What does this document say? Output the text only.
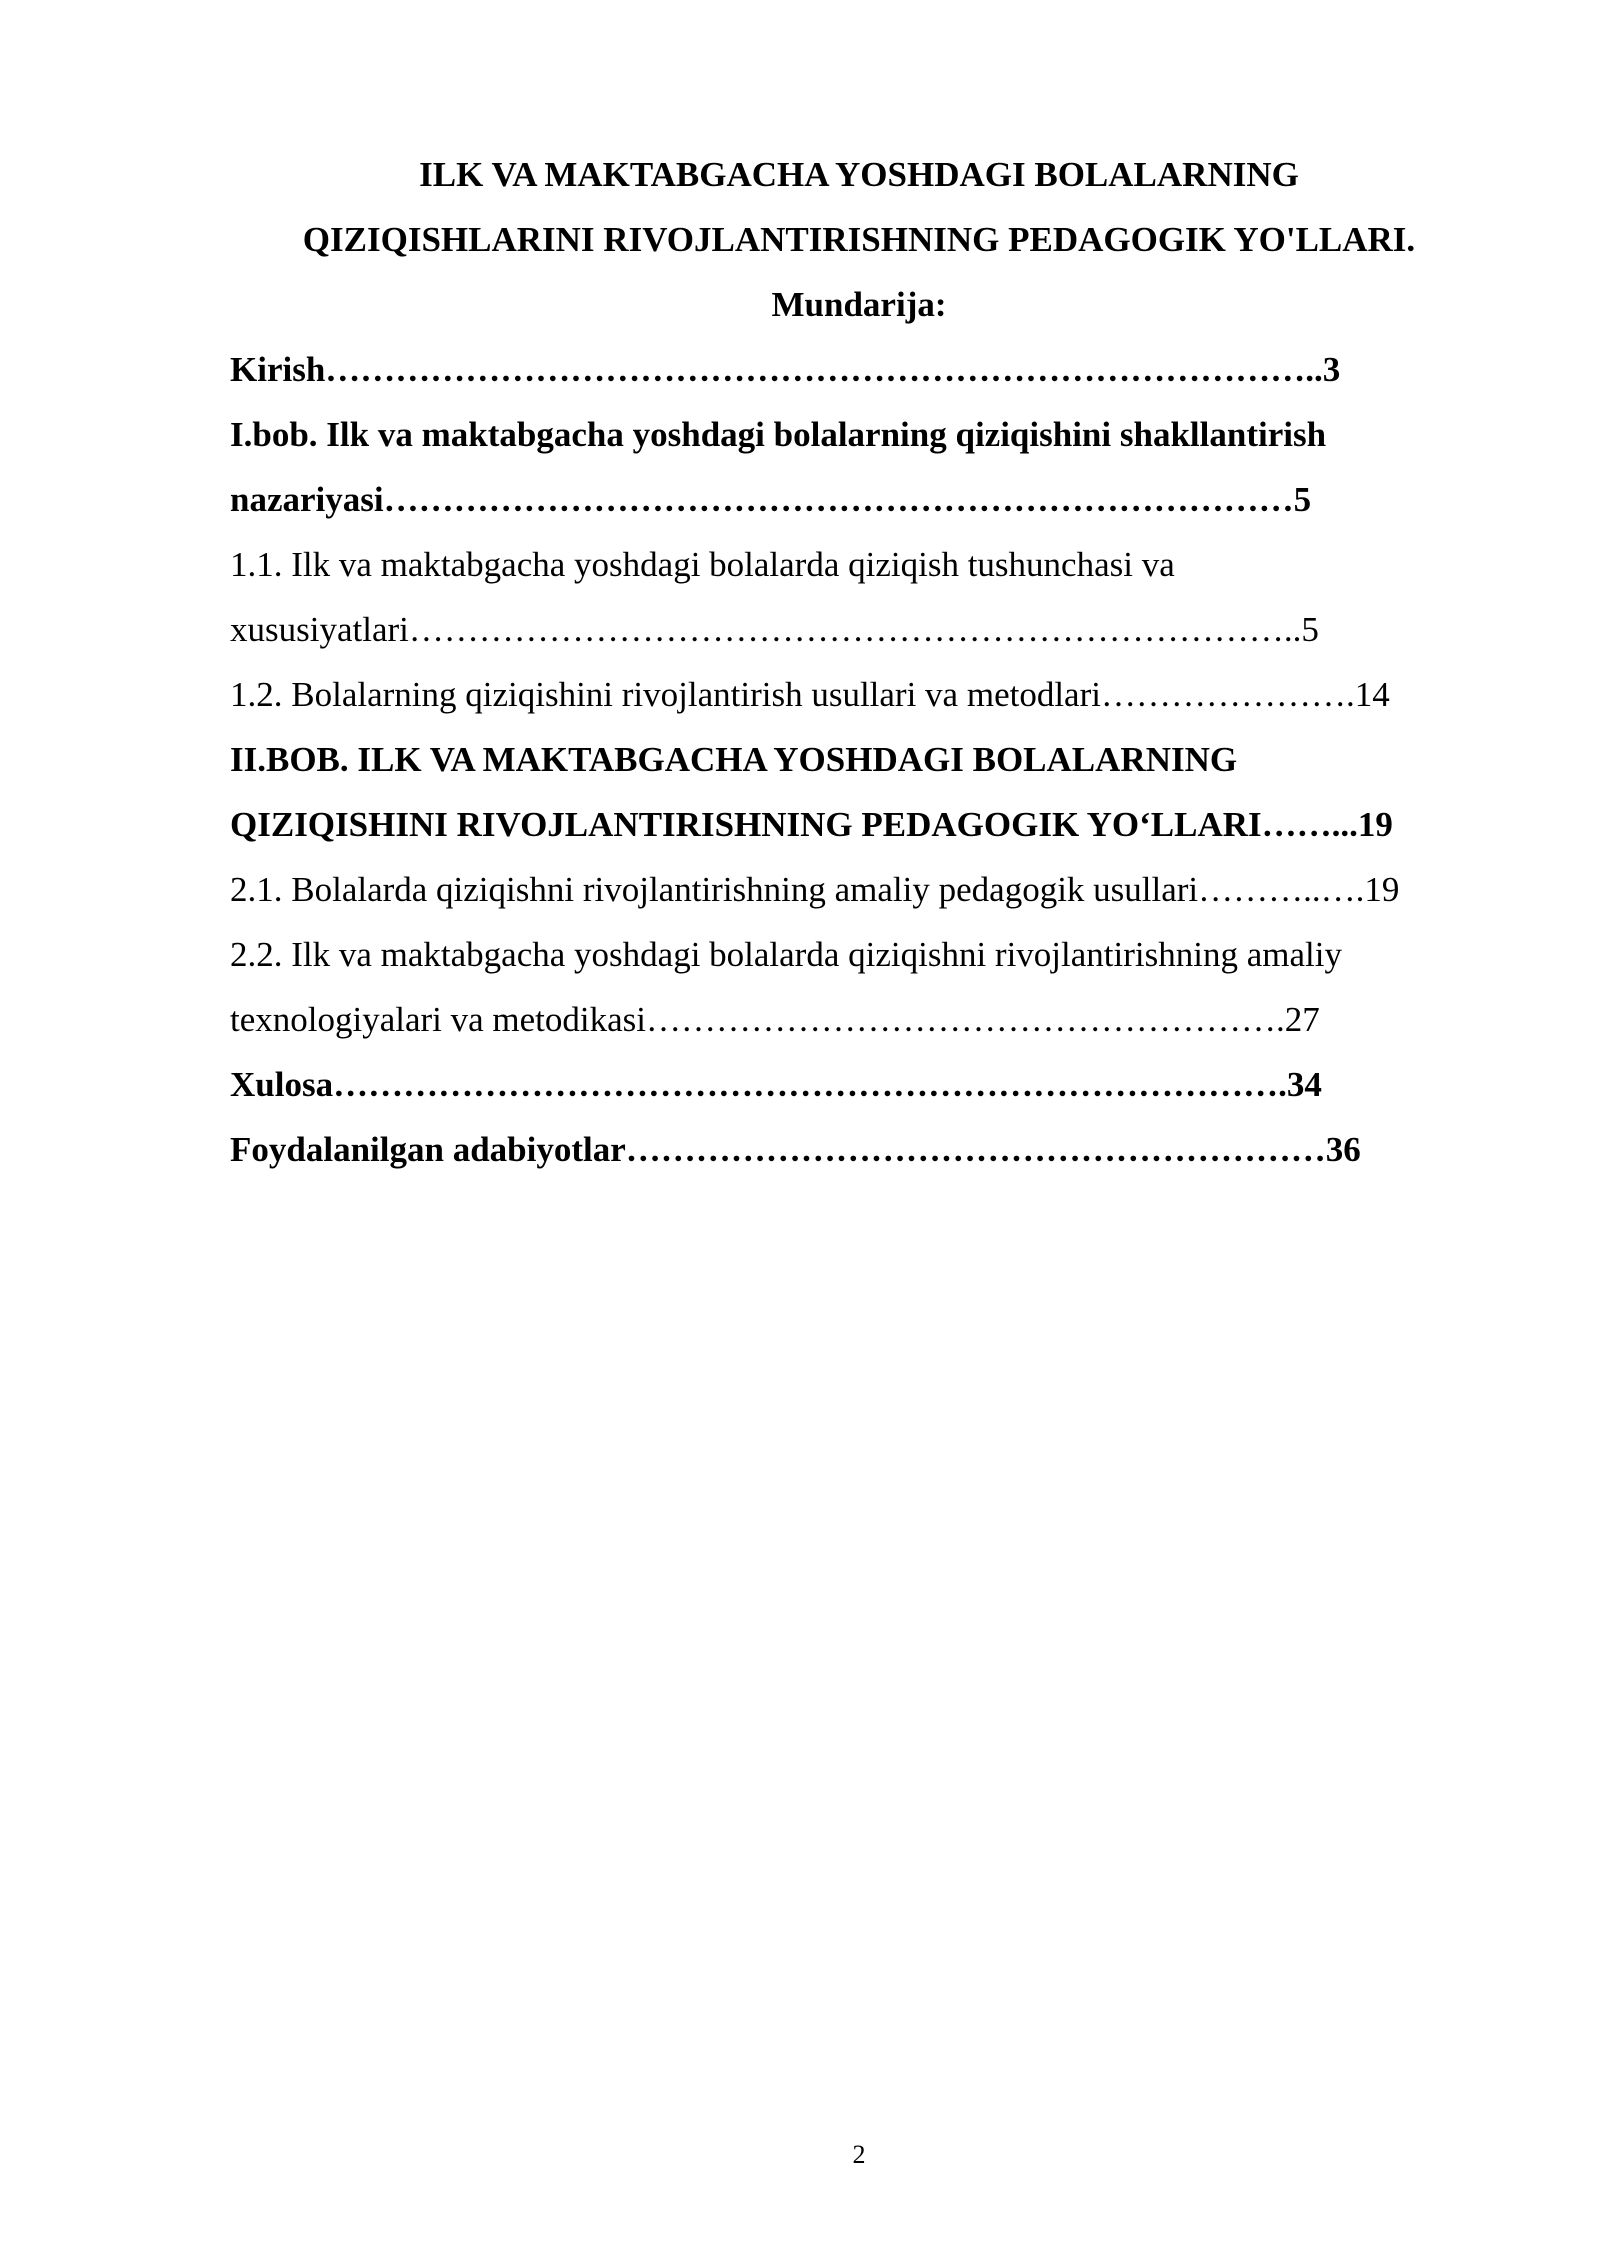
ILK VA MAKTABGACHA YOSHDAGI BOLALARNING
QIZIQISHLARINI RIVOJLANTIRISHNING PEDAGOGIK YO'LLARI.
Mundarija:
Kirish…………………………………………………………………………..3
I.bob. Ilk va maktabgacha yoshdagi bolalarning qiziqishini shakllantirish
nazariyasi……………………………………………………………………5
1.1. Ilk va maktabgacha yoshdagi bolalarda qiziqish tushunchasi va
xususiyatlari…………………………………………………………………..5
1.2. Bolalarning qiziqishini rivojlantirish usullari va metodlari………………….14
II.BOB. ILK VA MAKTABGACHA YOSHDAGI BOLALARNING
QIZIQISHINI RIVOJLANTIRISHNING PEDAGOGIK YO‘LLARI……...19
2.1. Bolalarda qiziqishni rivojlantirishning amaliy pedagogik usullari………..….19
2.2. Ilk va maktabgacha yoshdagi bolalarda qiziqishni rivojlantirishning amaliy
texnologiyalari va metodikasi……………………………………………….27
Xulosa……………………………………………………………………….34
Foydalanilgan adabiyotlar……………………………………………………36
2
